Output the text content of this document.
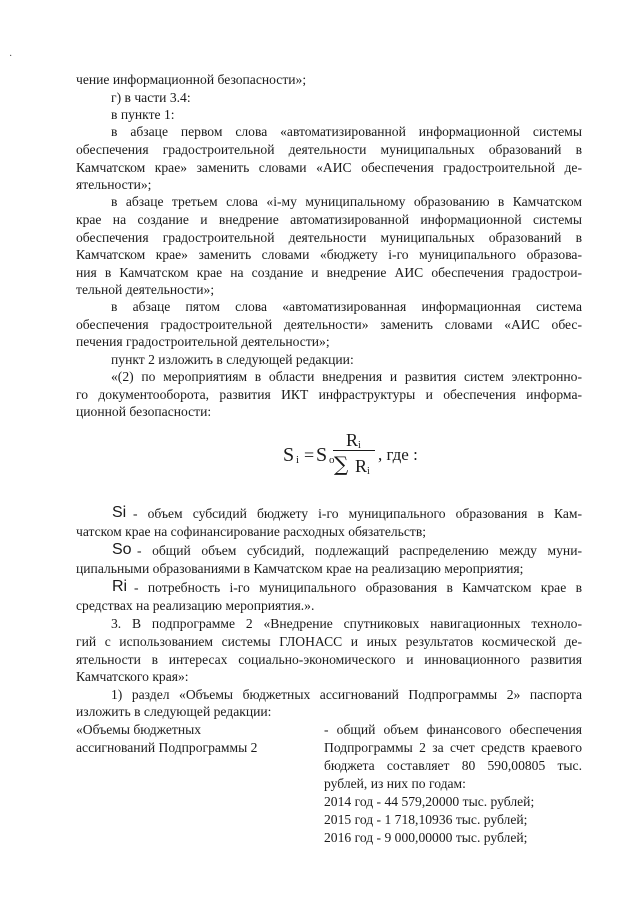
·
чение информационной безопасности»;
г) в части 3.4:
в пункте 1:
в абзаце первом слова «автоматизированной информационной системы
обеспечения градостроительной деятельности муниципальных образований в
Камчатском крае» заменить словами «АИС обеспечения градостроительной де-
ятельности»;
в абзаце третьем слова «i-му муниципальному образованию в Камчатском
крае на создание и внедрение автоматизированной информационной системы
обеспечения градостроительной деятельности муниципальных образований в
Камчатском крае» заменить словами «бюджету i-го муниципального образова-
ния в Камчатском крае на создание и внедрение АИС обеспечения градострои-
тельной деятельности»;
в абзаце пятом слова «автоматизированная информационная система
обеспечения градостроительной деятельности» заменить словами «АИС обес-
печения градостроительной деятельности»;
пункт 2 изложить в следующей редакции:
«(2) по мероприятиям в области внедрения и развития систем электронно-
го документооборота, развития ИКТ инфраструктуры и обеспечения информа-
ционной безопасности:
S i = S o
R i
∑ R i
, где :
Si - объем субсидий бюджету i-го муниципального образования в Кам-
чатском крае на софинансирование расходных обязательств;
So - общий объем субсидий, подлежащий распределению между муни-
ципальными образованиями в Камчатском крае на реализацию мероприятия;
Ri - потребность i-го муниципального образования в Камчатском крае в
средствах на реализацию мероприятия.».
3. В подпрограмме 2 «Внедрение спутниковых навигационных техноло-
гий с использованием системы ГЛОНАСС и иных результатов космической де-
ятельности в интересах социально-экономического и инновационного развития
Камчатского края»:
1) раздел «Объемы бюджетных ассигнований Подпрограммы 2» паспорта
изложить в следующей редакции:
«Объемы бюджетных
ассигнований Подпрограммы 2
- общий объем финансового обеспечения
Подпрограммы 2 за счет средств краевого
бюджета составляет 80 590,00805 тыс.
рублей, из них по годам:
2014 год - 44 579,20000 тыс. рублей;
2015 год - 1 718,10936 тыс. рублей;
2016 год - 9 000,00000 тыс. рублей;
